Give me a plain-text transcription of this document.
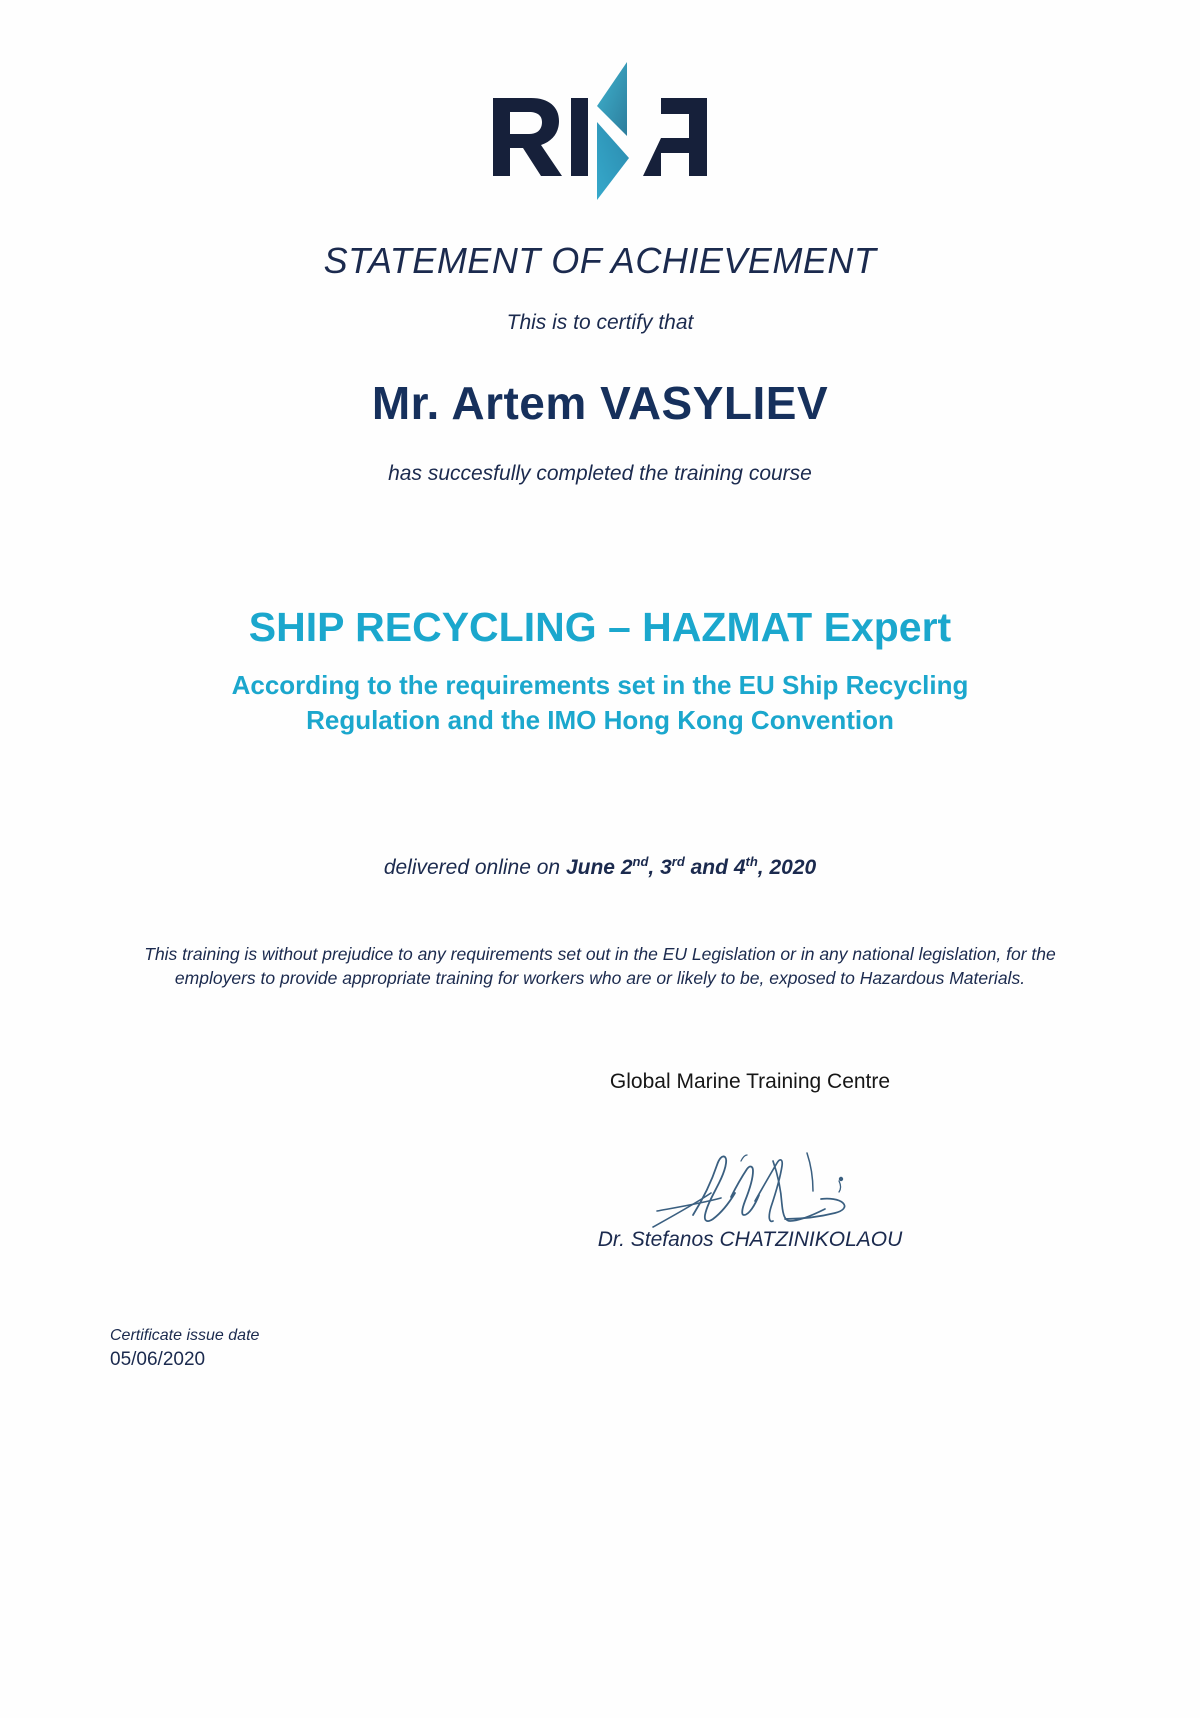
STATEMENT OF ACHIEVEMENT
This is to certify that
Mr. Artem VASYLIEV
has succesfully completed the training course
SHIP RECYCLING – HAZMAT Expert
According to the requirements set in the EU Ship Recycling
Regulation and the IMO Hong Kong Convention
delivered online on June 2nd, 3rd and 4th, 2020
This training is without prejudice to any requirements set out in the EU Legislation or in any national legislation, for the employers to provide appropriate training for workers who are or likely to be, exposed to Hazardous Materials.
Global Marine Training Centre
Dr. Stefanos CHATZINIKOLAOU
Certificate issue date
05/06/2020
